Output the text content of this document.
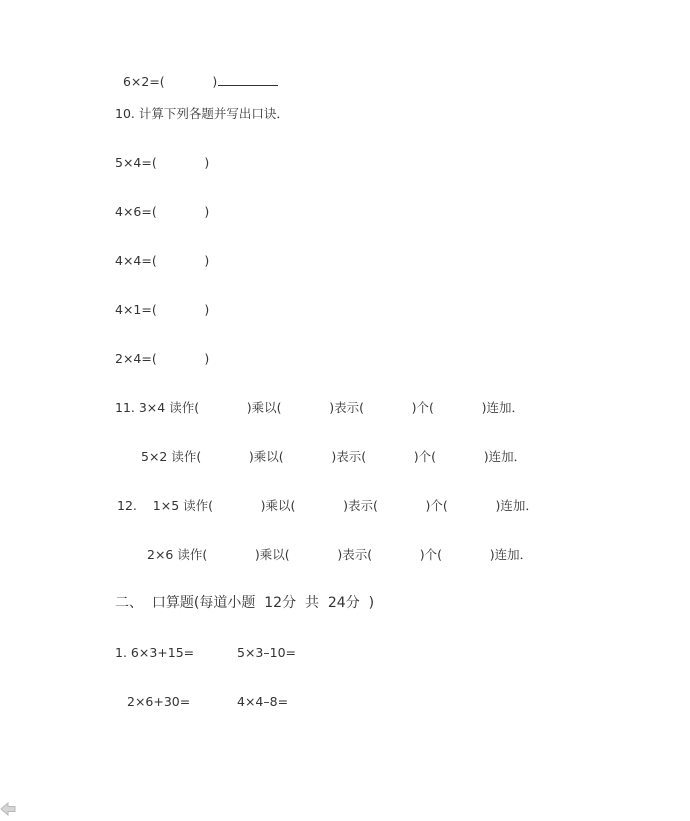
6×2=(            )

10. 计算下列各题并写出口诀．
5×4=(            )
4×6=(            )
4×4=(            )
4×1=(            )
2×4=(            )
11. 3×4 读作(            )乘以(            )表示(            )个(            )连加．
5×2 读作(            )乘以(            )表示(            )个(            )连加．
12.    1×5 读作(            )乘以(            )表示(            )个(            )连加．
2×6 读作(            )乘以(            )表示(            )个(            )连加．
二、  口算题(每道小题  12分  共  24分  )
1. 6×3+15=	5×3–10=
2×6+30=	4×4–8=
